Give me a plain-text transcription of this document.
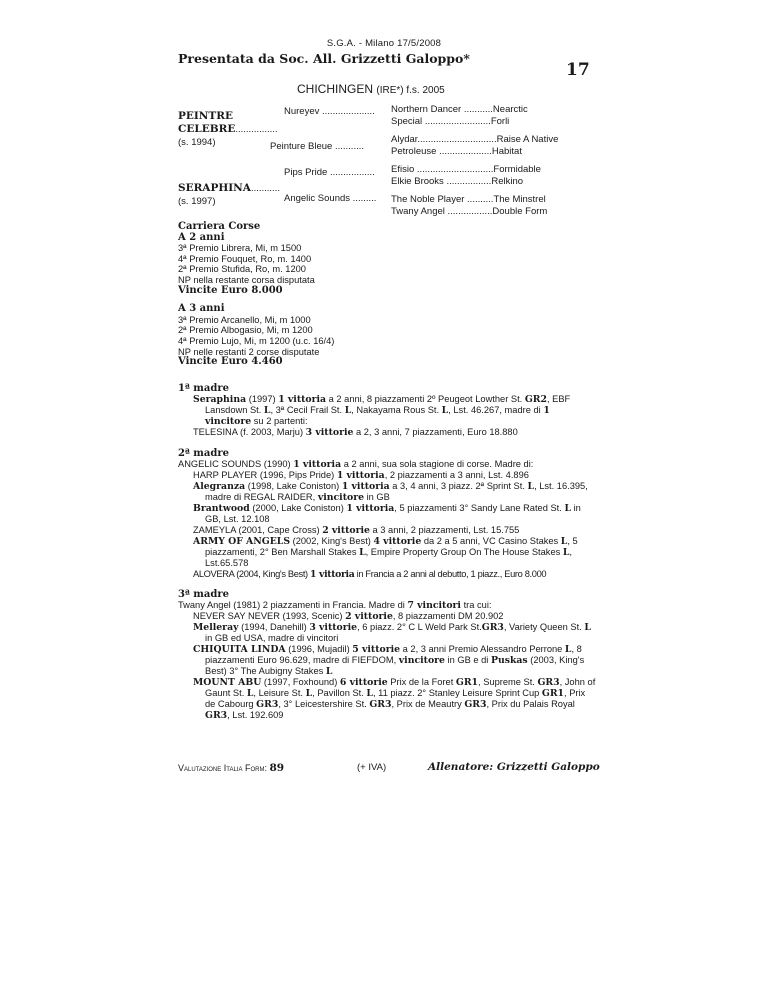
S.G.A. - Milano 17/5/2008
Presentata da Soc. All. Grizzetti Galoppo*
17
CHICHINGEN (IRE*) f.s. 2005
PEINTRE
CELEBRE................
(s. 1994)
SERAPHINA...........
(s. 1997)
Nureyev ....................
Peinture Bleue ...........
Pips Pride .................
Angelic Sounds .........
Northern Dancer ...........Nearctic
Special .........................Forli
Alydar..............................Raise A Native
Petroleuse ....................Habitat
Efisio .............................Formidable
Elkie Brooks .................Relkino
The Noble Player ..........The Minstrel
Twany Angel .................Double Form
Carriera Corse
A 2 anni
3ª Premio Librera, Mi, m 1500
4ª Premio Fouquet, Ro, m. 1400
2ª Premio Stufida, Ro, m. 1200
NP nella restante corsa disputata
Vincite Euro 8.000
A 3 anni
3ª Premio Arcanello, Mi, m 1000
2ª Premio Albogasio, Mi, m 1200
4ª Premio Lujo, Mi, m 1200 (u.c. 16/4)
NP nelle restanti 2 corse disputate
Vincite Euro 4.460
1ª madre
Seraphina (1997) 1 vittoria a 2 anni, 8 piazzamenti 2º Peugeot Lowther St. GR2, EBF Lansdown St. L, 3ª Cecil Frail St. L, Nakayama Rous St. L, Lst. 46.267, madre di 1 vincitore su 2 partenti:
TELESINA (f. 2003, Marju) 3 vittorie a 2, 3 anni, 7 piazzamenti, Euro 18.880
2ª madre
ANGELIC SOUNDS (1990) 1 vittoria a 2 anni, sua sola stagione di corse. Madre di:
HARP PLAYER (1996, Pips Pride) 1 vittoria, 2 piazzamenti a 3 anni, Lst. 4.896
Alegranza (1998, Lake Coniston) 1 vittoria a 3, 4 anni, 3 piazz. 2ª Sprint St. L, Lst. 16.395, madre di REGAL RAIDER, vincitore in GB
Brantwood (2000, Lake Coniston) 1 vittoria, 5 piazzamenti 3° Sandy Lane Rated St. L in GB, Lst. 12.108
ZAMEYLA (2001, Cape Cross) 2 vittorie a 3 anni, 2 piazzamenti, Lst. 15.755
ARMY OF ANGELS (2002, King's Best) 4 vittorie da 2 a 5 anni, VC Casino Stakes L, 5 piazzamenti, 2° Ben Marshall Stakes L, Empire Property Group On The House Stakes L, Lst.65.578
ALOVERA (2004, King's Best) 1 vittoria in Francia a 2 anni al debutto, 1 piazz., Euro 8.000
3ª madre
Twany Angel (1981) 2 piazzamenti in Francia. Madre di 7 vincitori tra cui:
NEVER SAY NEVER (1993, Scenic) 2 vittorie, 8 piazzamenti DM 20.902
Melleray (1994, Danehill) 3 vittorie, 6 piazz. 2° C L Weld Park St.GR3, Variety Queen St. L in GB ed USA, madre di vincitori
CHIQUITA LINDA (1996, Mujadil) 5 vittorie a 2, 3 anni Premio Alessandro Perrone L, 8 piazzamenti Euro 96.629, madre di FIEFDOM, vincitore in GB e di Puskas (2003, King's Best) 3° The Aubigny Stakes L
MOUNT ABU (1997, Foxhound) 6 vittorie Prix de la Foret GR1, Supreme St. GR3, John of Gaunt St. L, Leisure St. L, Pavillon St. L, 11 piazz. 2° Stanley Leisure Sprint Cup GR1, Prix de Cabourg GR3, 3° Leicestershire St. GR3, Prix de Meautry GR3, Prix du Palais Royal GR3, Lst. 192.609
Valutazione Italia Form: 89	(+ IVA)	Allenatore: Grizzetti Galoppo
